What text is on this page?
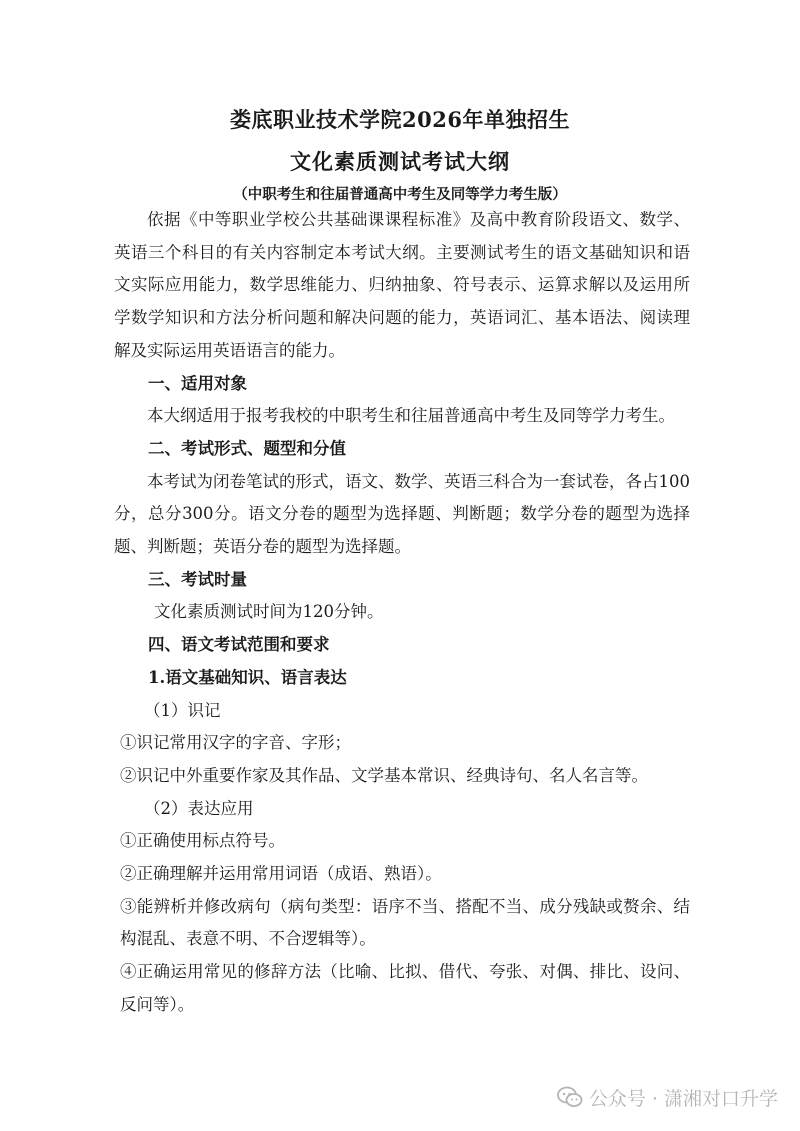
娄底职业技术学院2026年单独招生
文化素质测试考试大纲
（中职考生和往届普通高中考生及同等学力考生版）

依据《中等职业学校公共基础课课程标准》及高中教育阶段语文、数学、英语三个科目的有关内容制定本考试大纲。主要测试考生的语文基础知识和语文实际应用能力，数学思维能力、归纳抽象、符号表示、运算求解以及运用所学数学知识和方法分析问题和解决问题的能力，英语词汇、基本语法、阅读理解及实际运用英语语言的能力。

一、适用对象

本大纲适用于报考我校的中职考生和往届普通高中考生及同等学力考生。

二、考试形式、题型和分值

本考试为闭卷笔试的形式，语文、数学、英语三科合为一套试卷，各占100分，总分300分。语文分卷的题型为选择题、判断题；数学分卷的题型为选择题、判断题；英语分卷的题型为选择题。

三、考试时量

文化素质测试时间为120分钟。

四、语文考试范围和要求

1.语文基础知识、语言表达

（1）识记

①识记常用汉字的字音、字形；

②识记中外重要作家及其作品、文学基本常识、经典诗句、名人名言等。

（2）表达应用

①正确使用标点符号。

②正确理解并运用常用词语（成语、熟语）。

③能辨析并修改病句（病句类型：语序不当、搭配不当、成分残缺或赘余、结构混乱、表意不明、不合逻辑等）。

④正确运用常见的修辞方法（比喻、比拟、借代、夸张、对偶、排比、设问、反问等）。

公众号 · 潇湘对口升学
